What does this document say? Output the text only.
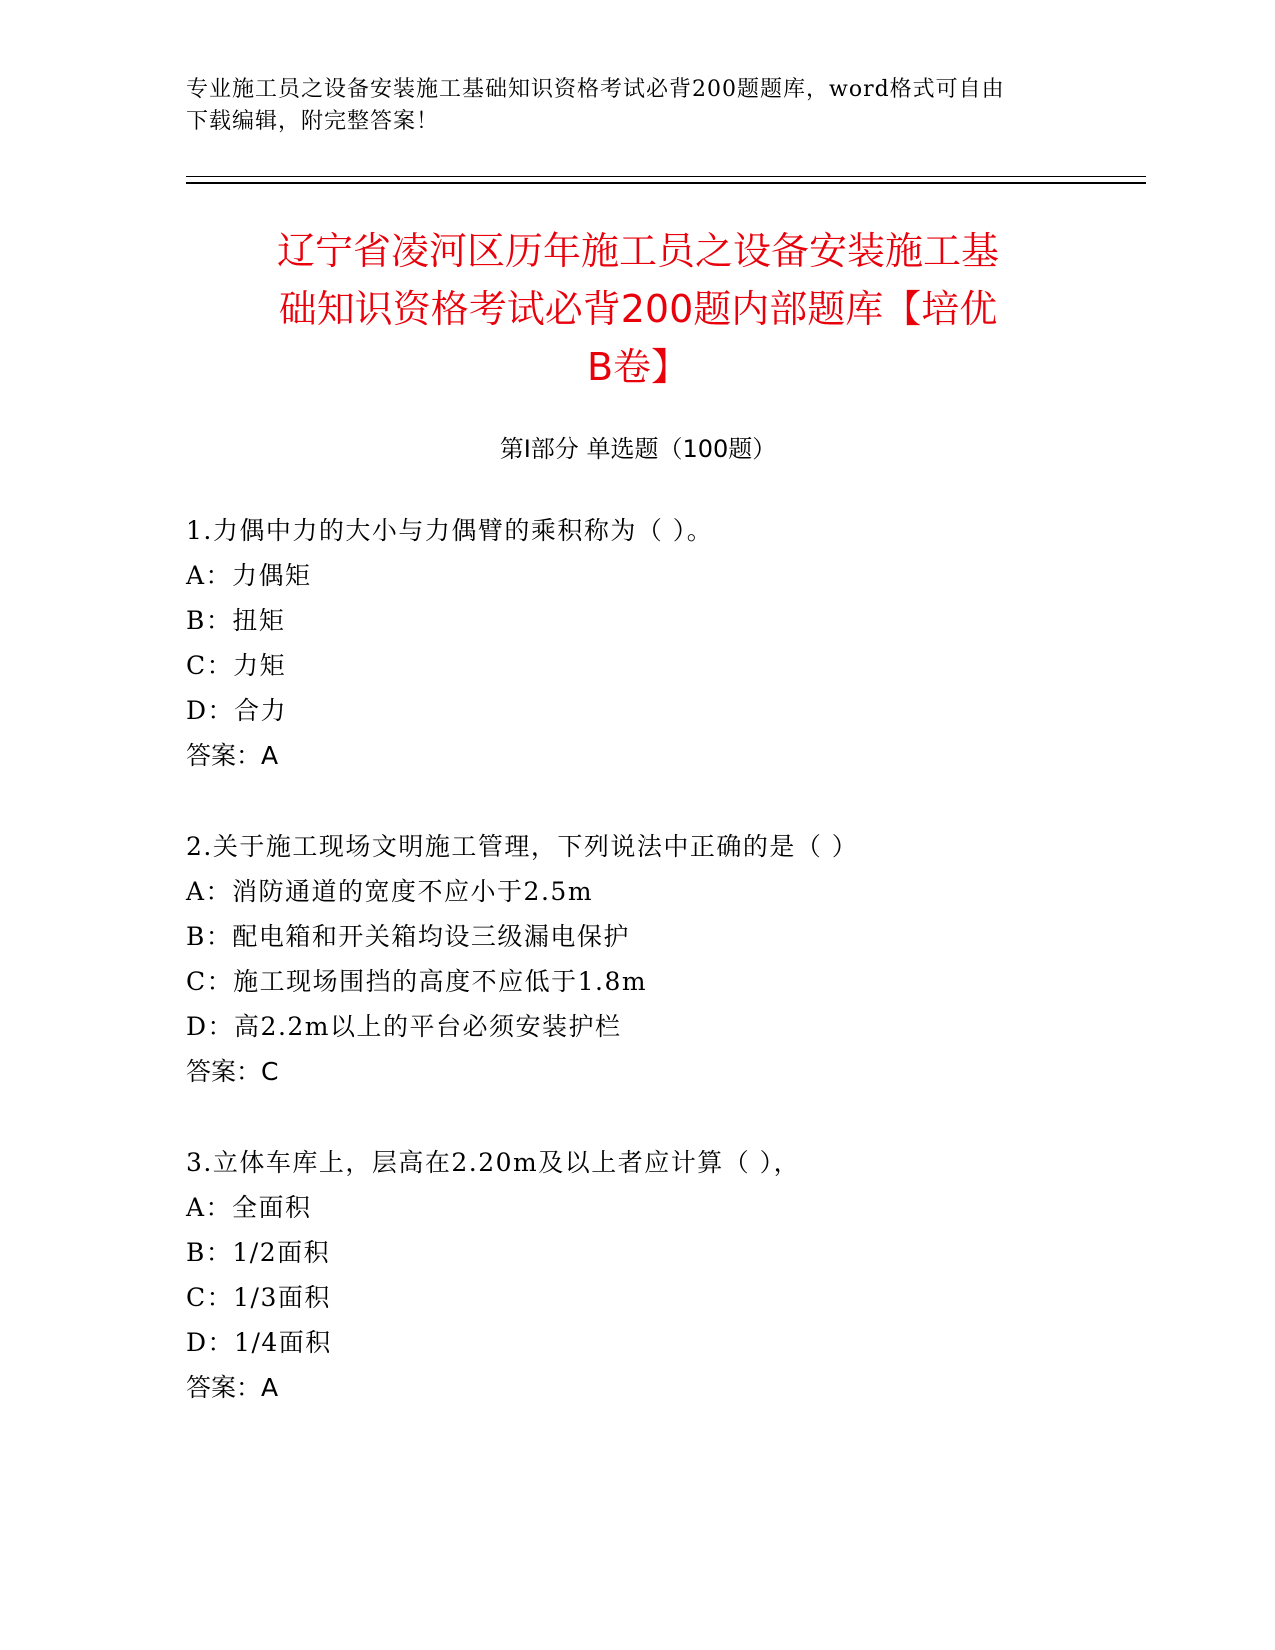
专业施工员之设备安装施工基础知识资格考试必背200题题库，word格式可自由
下载编辑，附完整答案！
辽宁省凌河区历年施工员之设备安装施工基
础知识资格考试必背200题内部题库【培优
B卷】
第Ⅰ部分 单选题（100题）
1.力偶中力的大小与力偶臂的乘积称为（ ）。
A：力偶矩
B：扭矩
C：力矩
D：合力
答案：A
2.关于施工现场文明施工管理，下列说法中正确的是（ ）
A：消防通道的宽度不应小于2.5m
B：配电箱和开关箱均设三级漏电保护
C：施工现场围挡的高度不应低于1.8m
D：高2.2m以上的平台必须安装护栏
答案：C
3.立体车库上，层高在2.20m及以上者应计算（ ），
A：全面积
B：1/2面积
C：1/3面积
D：1/4面积
答案：A
